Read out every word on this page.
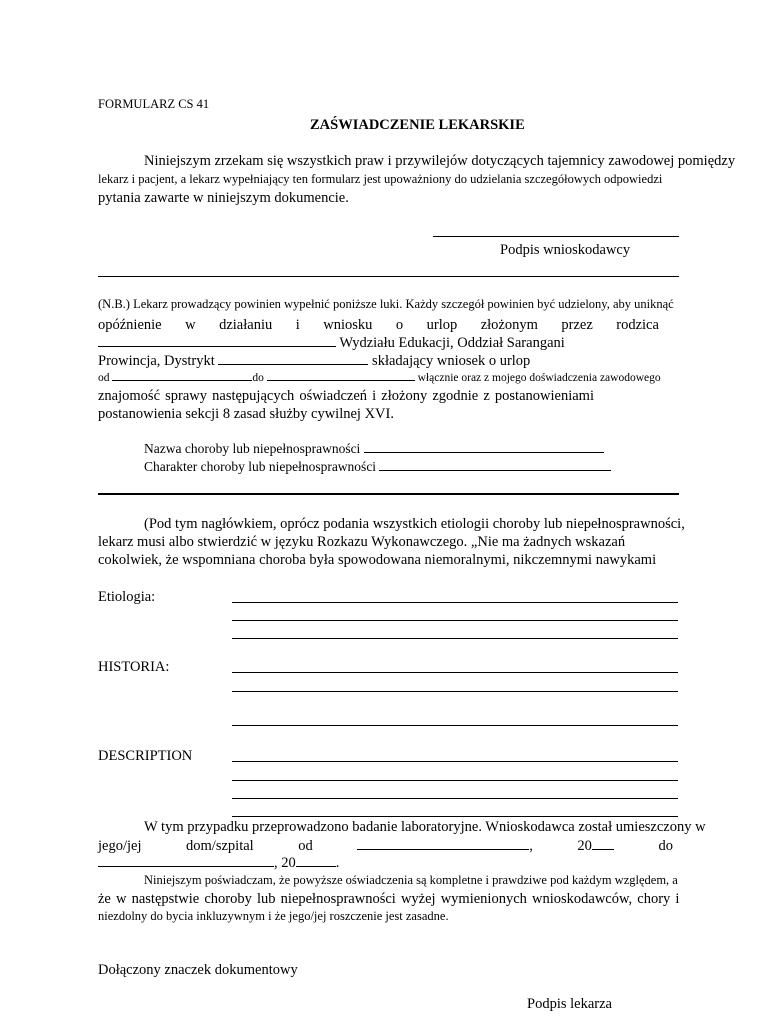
FORMULARZ CS 41
ZAŚWIADCZENIE LEKARSKIE
Niniejszym zrzekam się wszystkich praw i przywilejów dotyczących tajemnicy zawodowej pomiędzy
lekarz i pacjent, a lekarz wypełniający ten formularz jest upoważniony do udzielania szczegółowych odpowiedzi
pytania zawarte w niniejszym dokumencie.
Podpis wnioskodawcy
(N.B.) Lekarz prowadzący powinien wypełnić poniższe luki. Każdy szczegół powinien być udzielony, aby uniknąć
opóźnienie w działaniu i wniosku o urlop złożonym przez rodzica
Wydziału Edukacji, Oddział Sarangani
Prowincja, Dystrykt	składający wniosek o urlop
od	do	włącznie oraz z mojego doświadczenia zawodowego
znajomość sprawy następujących oświadczeń i złożony zgodnie z postanowieniami
postanowienia sekcji 8 zasad służby cywilnej XVI.
Nazwa choroby lub niepełnosprawności
Charakter choroby lub niepełnosprawności
(Pod tym nagłówkiem, oprócz podania wszystkich etiologii choroby lub niepełnosprawności,
lekarz musi albo stwierdzić w języku Rozkazu Wykonawczego. „Nie ma żadnych wskazań
cokolwiek, że wspomniana choroba była spowodowana niemoralnymi, nikczemnymi nawykami
Etiologia:
HISTORIA:
DESCRIPTION
W tym przypadku przeprowadzono badanie laboratoryjne. Wnioskodawca został umieszczony w
jego/jej	dom/szpital	od	,	20	do
, 20	.
Niniejszym poświadczam, że powyższe oświadczenia są kompletne i prawdziwe pod każdym względem, a
że w następstwie choroby lub niepełnosprawności wyżej wymienionych wnioskodawców, chory i
niezdolny do bycia inkluzywnym i że jego/jej roszczenie jest zasadne.
Dołączony znaczek dokumentowy
Podpis lekarza
